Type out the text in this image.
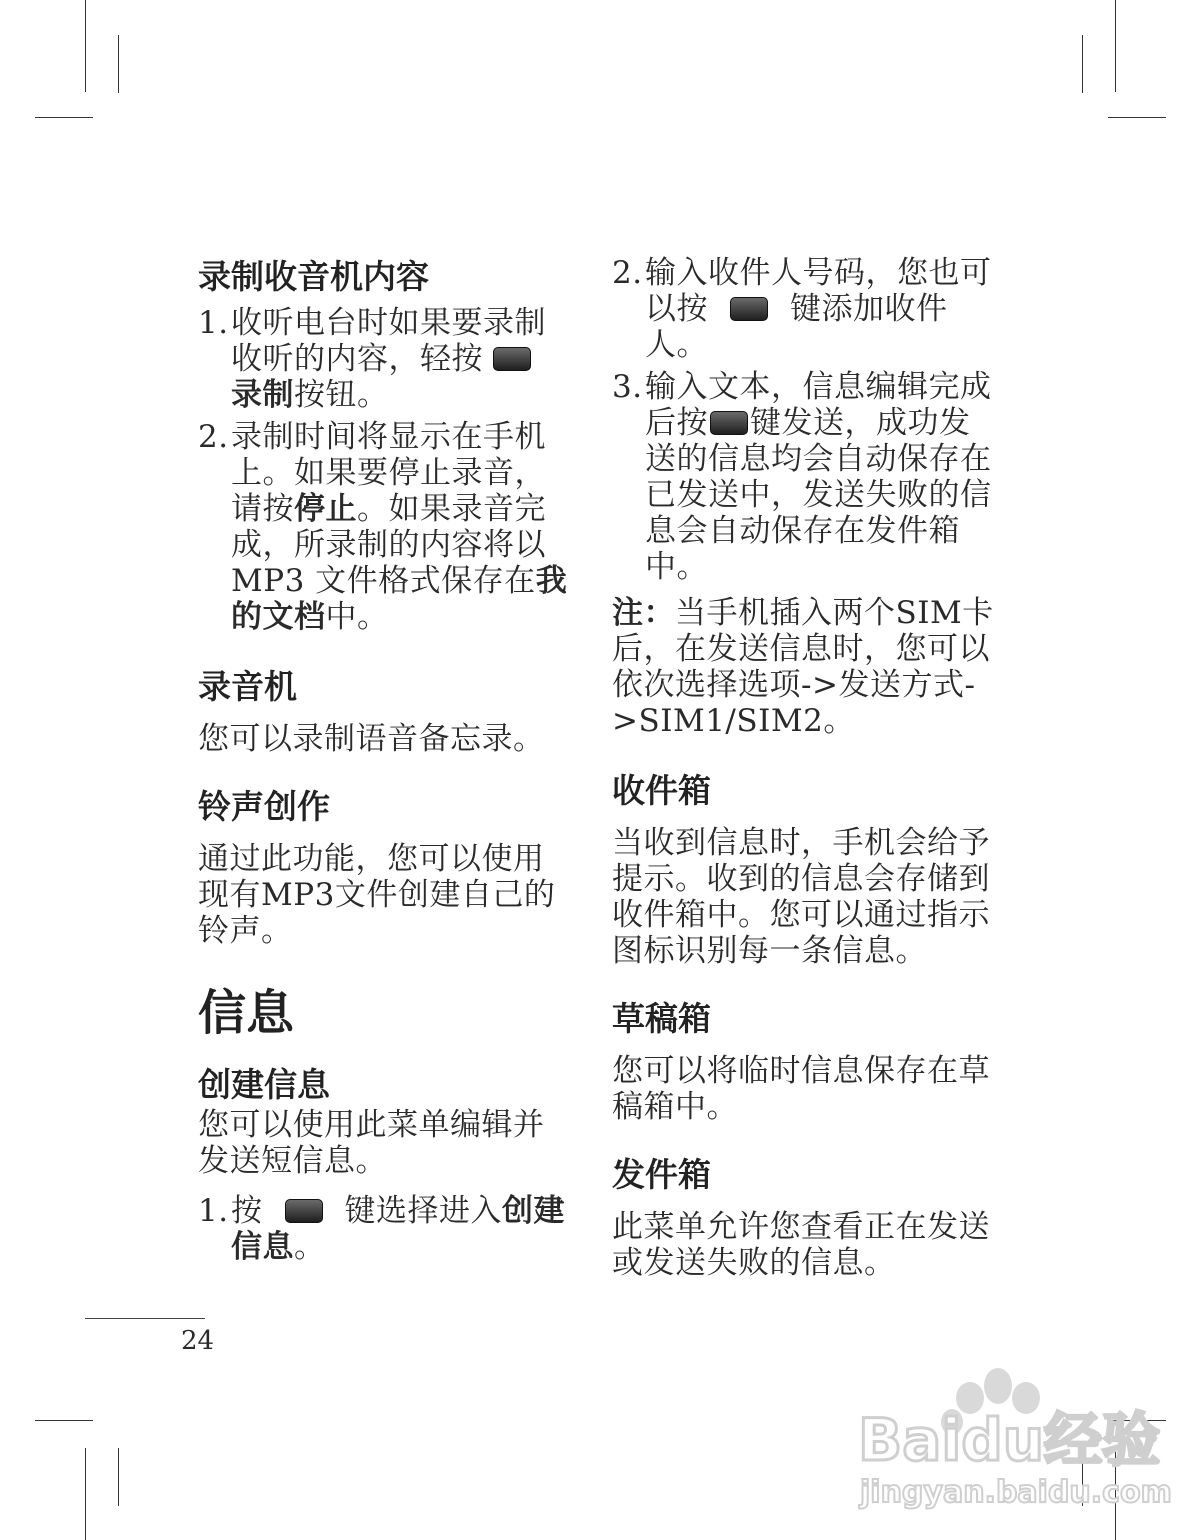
录制收音机内容
1. 收听电台时如果要录制收听的内容，轻按录制按钮。
2. 录制时间将显示在手机上。如果要停止录音，请按停止。如果录音完成，所录制的内容将以MP3 文件格式保存在我的文档中。
录音机

您可以录制语音备忘录。

铃声创作

通过此功能，您可以使用现有MP3文件创建自己的铃声。

信息
创建信息

您可以使用此菜单编辑并发送短信息。

1. 按	键选择进入创建信息。
2. 输入收件人号码，您也可以按	键添加收件人。
3. 输入文本，信息编辑完成后按 键发送，成功发送的信息均会自动保存在已发送中，发送失败的信息会自动保存在发件箱中。

注：当手机插入两个SIM卡后，在发送信息时，您可以依次选择选项->发送方式->SIM1/SIM2。

收件箱

当收到信息时，手机会给予提示。收到的信息会存储到收件箱中。您可以通过指示图标识别每一条信息。

草稿箱

您可以将临时信息保存在草稿箱中。

发件箱

此菜单允许您查看正在发送或发送失败的信息。

24
Baidu经验
jingyan.baidu.com
